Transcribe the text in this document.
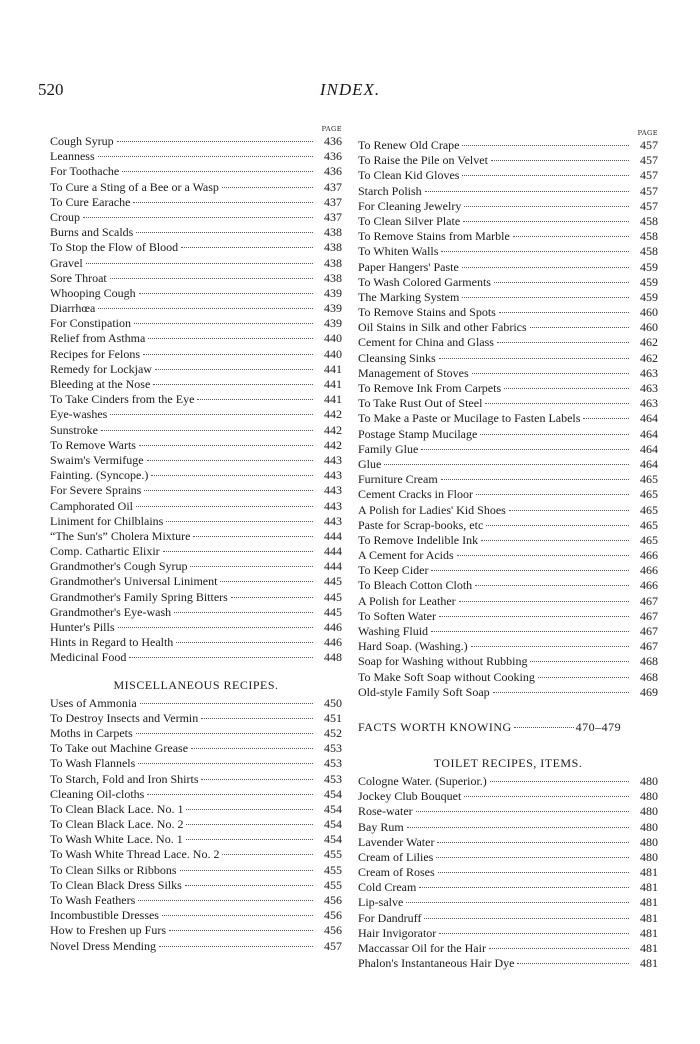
520	INDEX.
PAGE
Cough Syrup	436
Leanness	436
For Toothache	436
To Cure a Sting of a Bee or a Wasp	437
To Cure Earache	437
Croup	437
Burns and Scalds	438
To Stop the Flow of Blood	438
Gravel	438
Sore Throat	438
Whooping Cough	439
Diarrhœa	439
For Constipation	439
Relief from Asthma	440
Recipes for Felons	440
Remedy for Lockjaw	441
Bleeding at the Nose	441
To Take Cinders from the Eye	441
Eye-washes	442
Sunstroke	442
To Remove Warts	442
Swaim's Vermifuge	443
Fainting. (Syncope.)	443
For Severe Sprains	443
Camphorated Oil	443
Liniment for Chilblains	443
“The Sun's” Cholera Mixture	444
Comp. Cathartic Elixir	444
Grandmother's Cough Syrup	444
Grandmother's Universal Liniment	445
Grandmother's Family Spring Bitters	445
Grandmother's Eye-wash	445
Hunter's Pills	446
Hints in Regard to Health	446
Medicinal Food	448
MISCELLANEOUS RECIPES.
Uses of Ammonia	450
To Destroy Insects and Vermin	451
Moths in Carpets	452
To Take out Machine Grease	453
To Wash Flannels	453
To Starch, Fold and Iron Shirts	453
Cleaning Oil-cloths	454
To Clean Black Lace. No. 1	454
To Clean Black Lace. No. 2	454
To Wash White Lace. No. 1	454
To Wash White Thread Lace. No. 2	455
To Clean Silks or Ribbons	455
To Clean Black Dress Silks	455
To Wash Feathers	456
Incombustible Dresses	456
How to Freshen up Furs	456
Novel Dress Mending	457
PAGE
To Renew Old Crape	457
To Raise the Pile on Velvet	457
To Clean Kid Gloves	457
Starch Polish	457
For Cleaning Jewelry	457
To Clean Silver Plate	458
To Remove Stains from Marble	458
To Whiten Walls	458
Paper Hangers' Paste	459
To Wash Colored Garments	459
The Marking System	459
To Remove Stains and Spots	460
Oil Stains in Silk and other Fabrics	460
Cement for China and Glass	462
Cleansing Sinks	462
Management of Stoves	463
To Remove Ink From Carpets	463
To Take Rust Out of Steel	463
To Make a Paste or Mucilage to Fasten Labels	464
Postage Stamp Mucilage	464
Family Glue	464
Glue	464
Furniture Cream	465
Cement Cracks in Floor	465
A Polish for Ladies' Kid Shoes	465
Paste for Scrap-books, etc	465
To Remove Indelible Ink	465
A Cement for Acids	466
To Keep Cider	466
To Bleach Cotton Cloth	466
A Polish for Leather	467
To Soften Water	467
Washing Fluid	467
Hard Soap. (Washing.)	467
Soap for Washing without Rubbing	468
To Make Soft Soap without Cooking	468
Old-style Family Soft Soap	469
FACTS WORTH KNOWING	470–479
TOILET RECIPES, ITEMS.
Cologne Water. (Superior.)	480
Jockey Club Bouquet	480
Rose-water	480
Bay Rum	480
Lavender Water	480
Cream of Lilies	480
Cream of Roses	481
Cold Cream	481
Lip-salve	481
For Dandruff	481
Hair Invigorator	481
Maccassar Oil for the Hair	481
Phalon's Instantaneous Hair Dye	481
